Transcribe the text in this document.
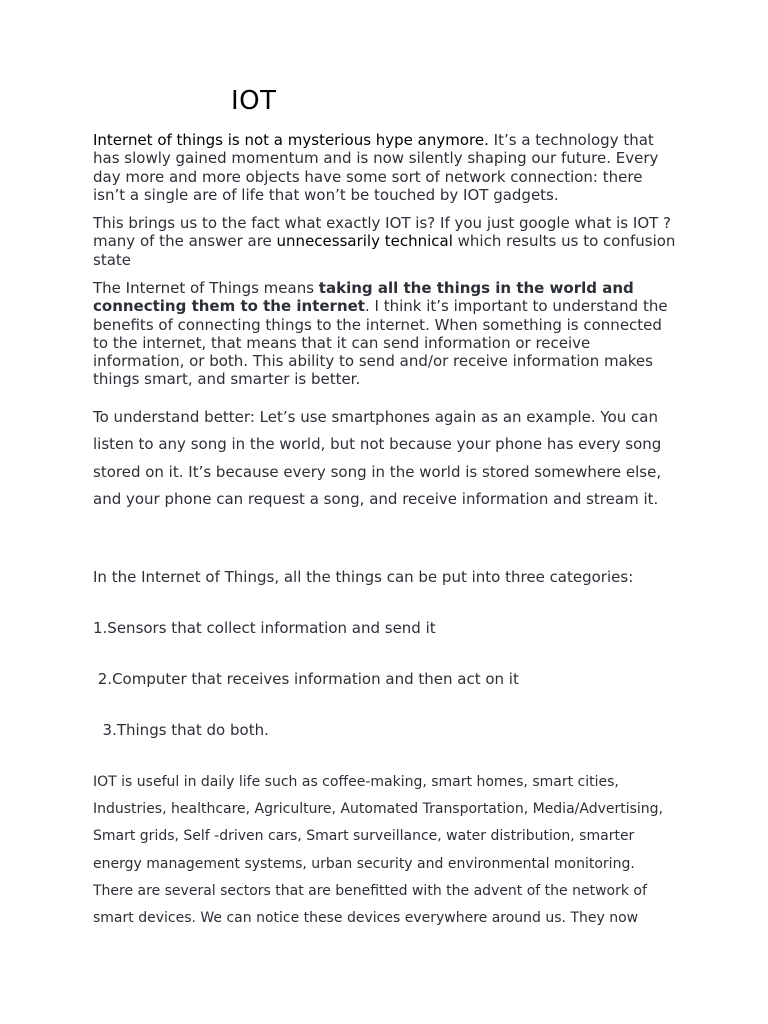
IOT

Internet of things is not a mysterious hype anymore. It’s a technology that has slowly gained momentum and is now silently shaping our future. Every day more and more objects have some sort of network connection: there isn’t a single are of life that won’t be touched by IOT gadgets.

This brings us to the fact what exactly IOT is? If you just google what is IOT ? many of the answer are unnecessarily technical which results us to confusion state

The Internet of Things means taking all the things in the world and connecting them to the internet. I think it’s important to understand the benefits of connecting things to the internet. When something is connected to the internet, that means that it can send information or receive information, or both. This ability to send and/or receive information makes things smart, and smarter is better.

To understand better: Let’s use smartphones again as an example. You can listen to any song in the world, but not because your phone has every song stored on it. It’s because every song in the world is stored somewhere else, and your phone can request a song, and receive information and stream it.

In the Internet of Things, all the things can be put into three categories:
1.Sensors that collect information and send it
2.Computer that receives information and then act on it
3.Things that do both.

IOT is useful in daily life such as coffee-making, smart homes, smart cities, Industries, healthcare, Agriculture, Automated Transportation, Media/Advertising, Smart grids, Self -driven cars, Smart surveillance, water distribution, smarter energy management systems, urban security and environmental monitoring. There are several sectors that are benefitted with the advent of the network of smart devices. We can notice these devices everywhere around us. They now
